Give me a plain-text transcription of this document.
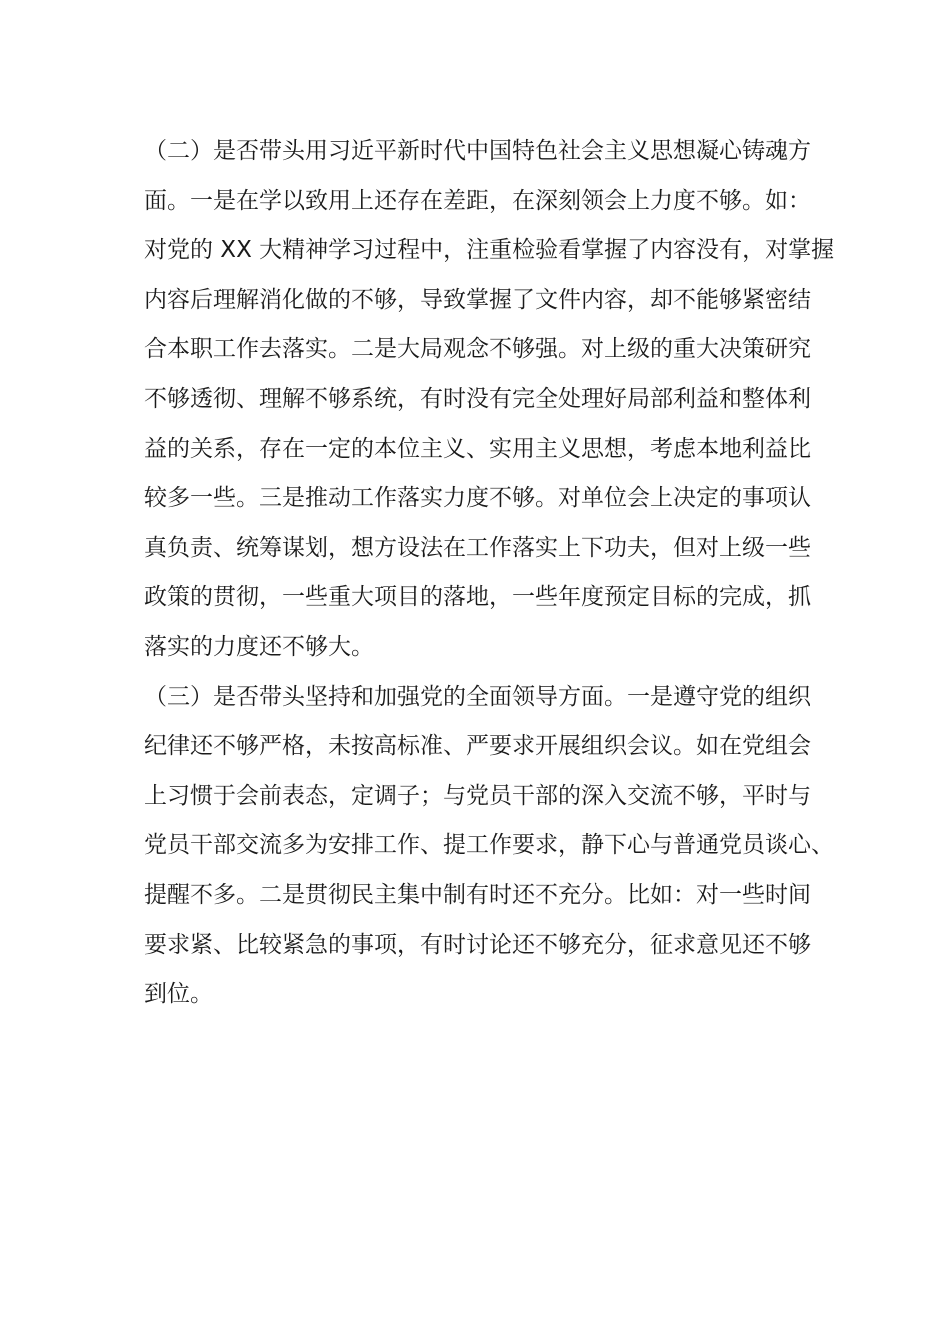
（二）是否带头用习近平新时代中国特色社会主义思想凝心铸魂方
面。一是在学以致用上还存在差距，在深刻领会上力度不够。如：
对党的 XX 大精神学习过程中，注重检验看掌握了内容没有，对掌握
内容后理解消化做的不够，导致掌握了文件内容，却不能够紧密结
合本职工作去落实。二是大局观念不够强。对上级的重大决策研究
不够透彻、理解不够系统，有时没有完全处理好局部利益和整体利
益的关系，存在一定的本位主义、实用主义思想，考虑本地利益比
较多一些。三是推动工作落实力度不够。对单位会上决定的事项认
真负责、统筹谋划，想方设法在工作落实上下功夫，但对上级一些
政策的贯彻，一些重大项目的落地，一些年度预定目标的完成，抓
落实的力度还不够大。
（三）是否带头坚持和加强党的全面领导方面。一是遵守党的组织
纪律还不够严格，未按高标准、严要求开展组织会议。如在党组会
上习惯于会前表态，定调子；与党员干部的深入交流不够，平时与
党员干部交流多为安排工作、提工作要求，静下心与普通党员谈心、
提醒不多。二是贯彻民主集中制有时还不充分。比如：对一些时间
要求紧、比较紧急的事项，有时讨论还不够充分，征求意见还不够
到位。
